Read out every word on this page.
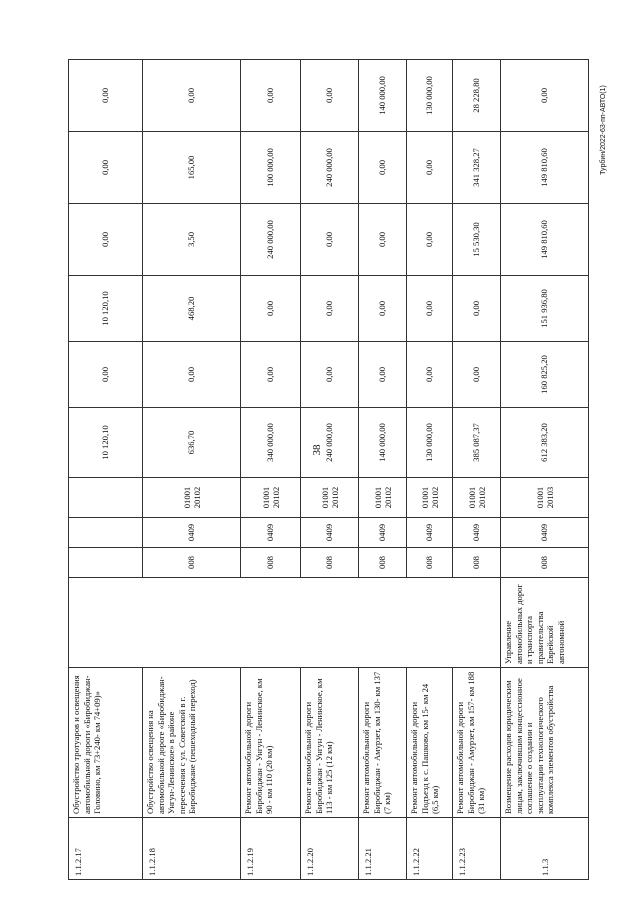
38
Турбин/2022-63-пп-АВТО(1)
1.1.2.17	Обустройство тротуаров и освещения автомобильной дороги «Биробиджан-Головино, км 73+240- км 74+09)»					10 120,10	0,00	10 120,10	0,00	0,00	0,00
1.1.2.18	Обустройство освещения на автомобильной дороге «Биробиджан-Унгун-Ленинское» в районе пересечения с ул. Советской в г. Биробиджане (пешеходный переход)		008	0409	01001 20102	636,70	0,00	468,20	3,50	165,00	0,00
1.1.2.19	Ремонт автомобильной дороги Биробиджан - Унгун - Ленинское, км 90 - км 110 (20 км)		008	0409	01001 20102	340 000,00	0,00	0,00	240 000,00	100 000,00	0,00
1.1.2.20	Ремонт автомобильной дороги Биробиджан - Унгун - Ленинское, км 113 - км 125 (12 км)		008	0409	01001 20102	240 000,00	0,00	0,00	0,00	240 000,00	0,00
1.1.2.21	Ремонт автомобильной дороги Биробиджан - Амурзет, км 130- км 137 (7 км)		008	0409	01001 20102	140 000,00	0,00	0,00	0,00	0,00	140 000,00
1.1.2.22	Ремонт автомобильной дороги Подъезд к с. Пашково, км 15- км 24 (6,5 км)		008	0409	01001 20102	130 000,00	0,00	0,00	0,00	0,00	130 000,00
1.1.2.23	Ремонт автомобильной дороги Биробиджан - Амурзет, км 157- км 188 (31 км)		008	0409	01001 20102	385 087,37	0,00	0,00	15 530,30	341 328,27	28 228,80
1.1.3	Возмещение расходов юридическим лицам, заключившим концессионное соглашение о создании и эксплуатации технологического комплекса элементов обустройства	Управление автомобильных дорог и транспорта правительства Еврейской автономной	008	0409	01001 20103	612 383,20	160 825,20	151 936,80	149 810,60	149 810,60	0,00
